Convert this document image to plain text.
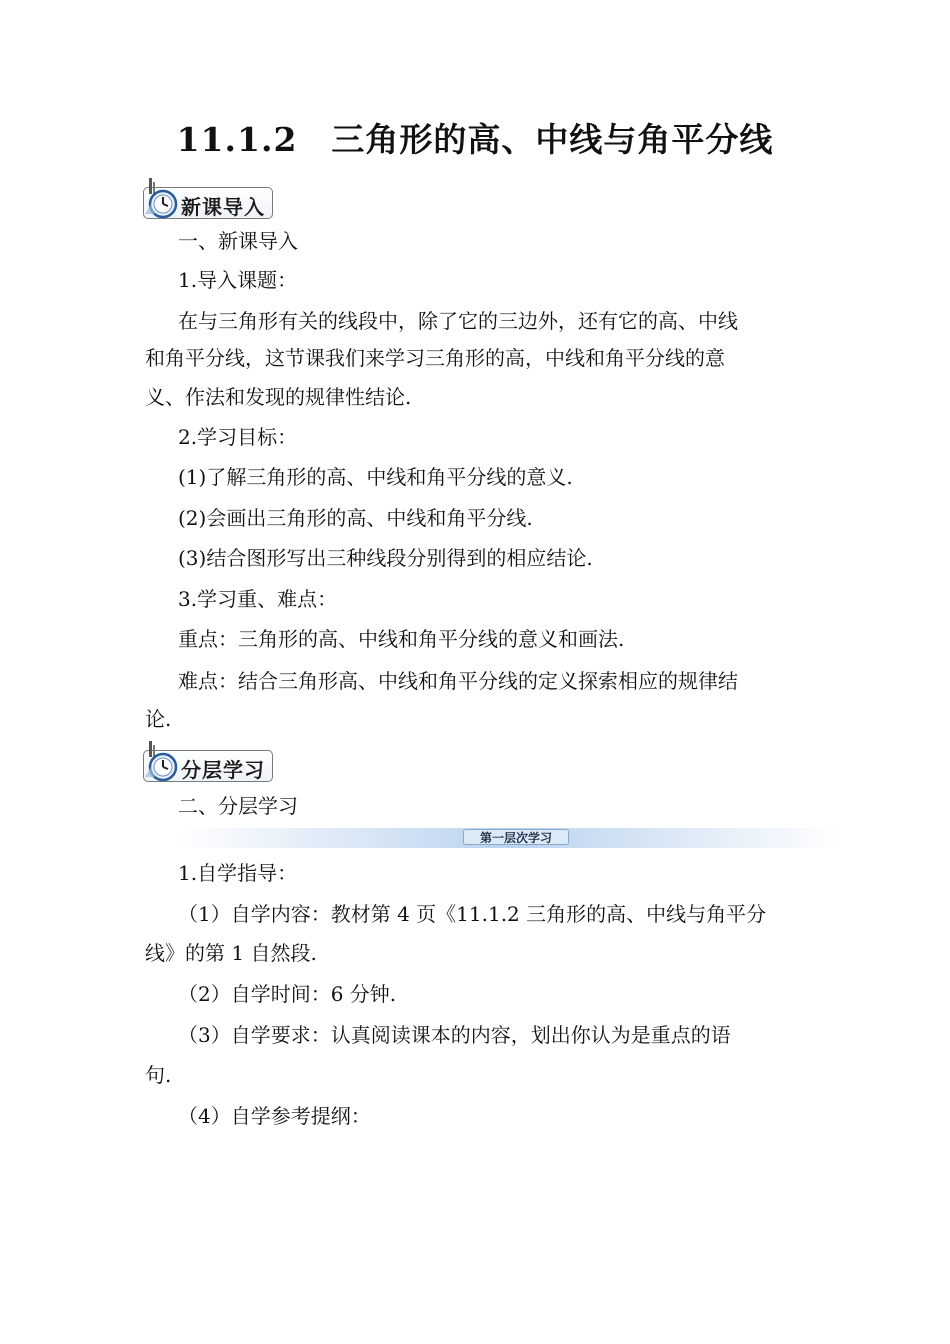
11.1.2　三角形的高、中线与角平分线
新课导入
一、新课导入
1.导入课题：
在与三角形有关的线段中，除了它的三边外，还有它的高、中线
和角平分线，这节课我们来学习三角形的高，中线和角平分线的意
义、作法和发现的规律性结论.
2.学习目标：
(1)了解三角形的高、中线和角平分线的意义.
(2)会画出三角形的高、中线和角平分线.
(3)结合图形写出三种线段分别得到的相应结论.
3.学习重、难点：
重点：三角形的高、中线和角平分线的意义和画法.
难点：结合三角形高、中线和角平分线的定义探索相应的规律结
论.
分层学习
二、分层学习
第一层次学习
1.自学指导：
（1）自学内容：教材第 4 页《11.1.2 三角形的高、中线与角平分
线》的第 1 自然段.
（2）自学时间：6 分钟.
（3）自学要求：认真阅读课本的内容，划出你认为是重点的语
句.
（4）自学参考提纲：
